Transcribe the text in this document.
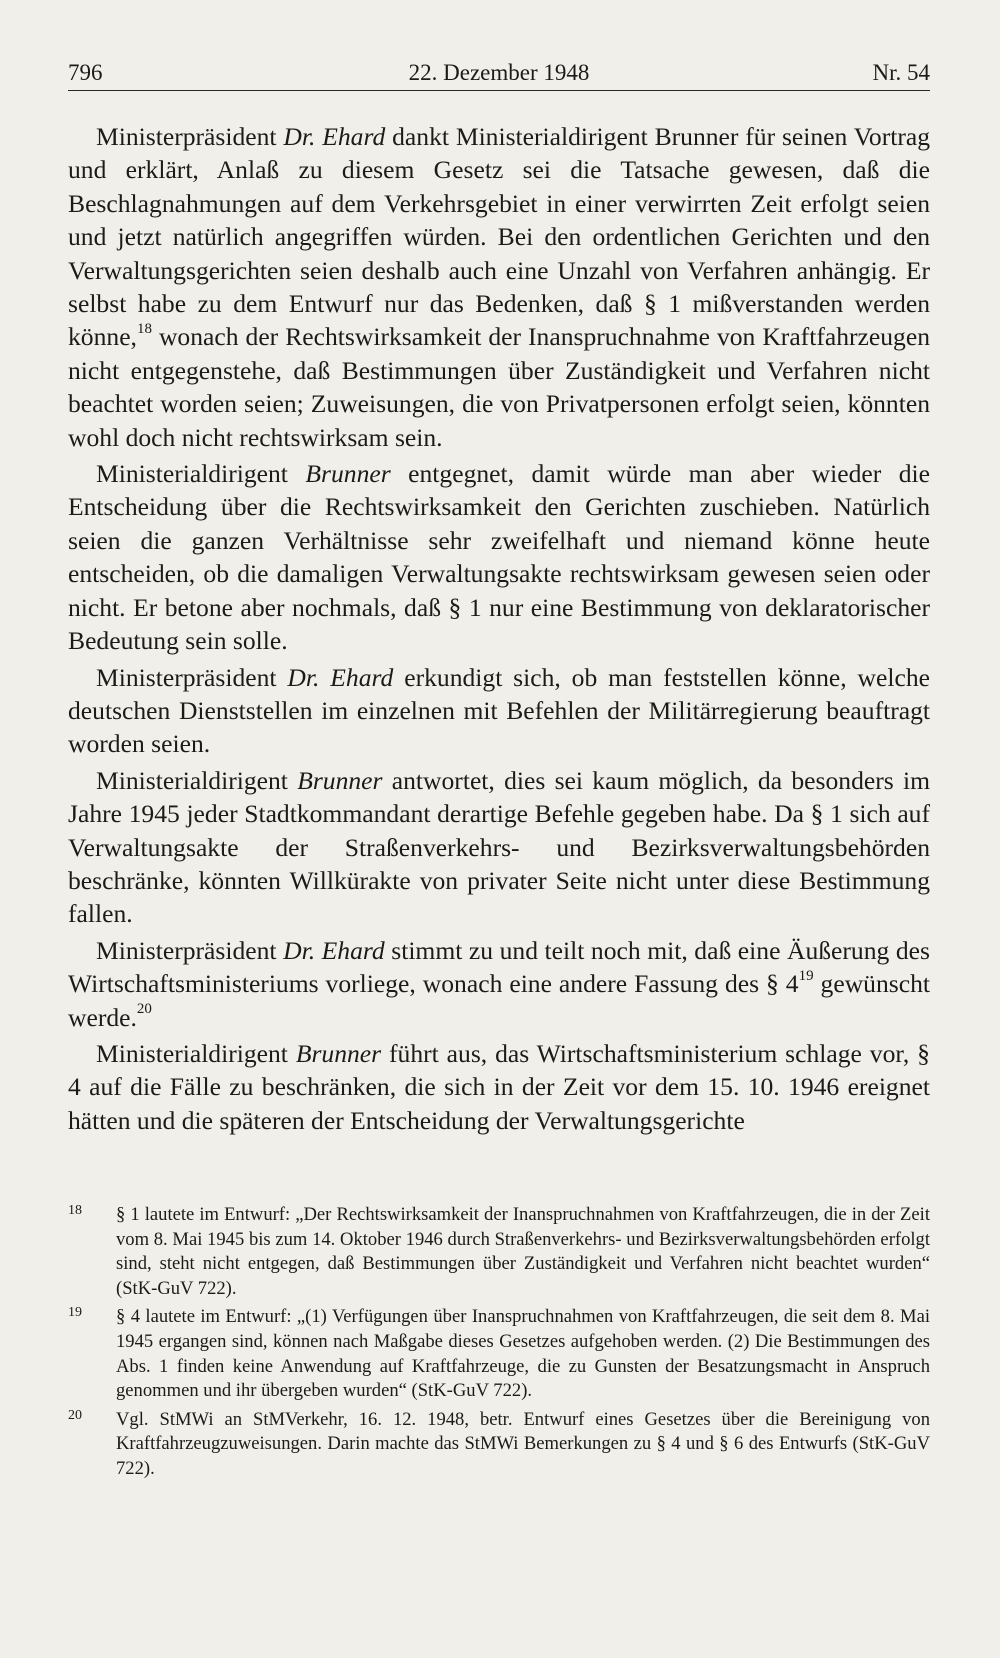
796	22. Dezember 1948	Nr. 54

Ministerpräsident Dr. Ehard dankt Ministerialdirigent Brunner für seinen Vortrag und erklärt, Anlaß zu diesem Gesetz sei die Tatsache gewesen, daß die Beschlagnahmungen auf dem Verkehrsgebiet in einer verwirrten Zeit erfolgt seien und jetzt natürlich angegriffen würden. Bei den ordentlichen Gerichten und den Verwaltungsgerichten seien deshalb auch eine Unzahl von Verfahren anhängig. Er selbst habe zu dem Entwurf nur das Bedenken, daß § 1 mißverstanden werden könne,$^{18}$ wonach der Rechtswirksamkeit der Inanspruchnahme von Kraftfahrzeugen nicht entgegenstehe, daß Bestimmungen über Zuständigkeit und Verfahren nicht beachtet worden seien; Zuweisungen, die von Privatpersonen erfolgt seien, könnten wohl doch nicht rechtswirksam sein.

Ministerialdirigent Brunner entgegnet, damit würde man aber wieder die Entscheidung über die Rechtswirksamkeit den Gerichten zuschieben. Natürlich seien die ganzen Verhältnisse sehr zweifelhaft und niemand könne heute entscheiden, ob die damaligen Verwaltungsakte rechtswirksam gewesen seien oder nicht. Er betone aber nochmals, daß § 1 nur eine Bestimmung von deklaratorischer Bedeutung sein solle.

Ministerpräsident Dr. Ehard erkundigt sich, ob man feststellen könne, welche deutschen Dienststellen im einzelnen mit Befehlen der Militärregierung beauftragt worden seien.

Ministerialdirigent Brunner antwortet, dies sei kaum möglich, da besonders im Jahre 1945 jeder Stadtkommandant derartige Befehle gegeben habe. Da § 1 sich auf Verwaltungsakte der Straßenverkehrs- und Bezirksverwaltungsbehörden beschränke, könnten Willkürakte von privater Seite nicht unter diese Bestimmung fallen.

Ministerpräsident Dr. Ehard stimmt zu und teilt noch mit, daß eine Äußerung des Wirtschaftsministeriums vorliege, wonach eine andere Fassung des § $4^{19}$ gewünscht werde.$^{20}$

Ministerialdirigent Brunner führt aus, das Wirtschaftsministerium schlage vor, § 4 auf die Fälle zu beschränken, die sich in der Zeit vor dem 15. 10. 1946 ereignet hätten und die späteren der Entscheidung der Verwaltungsgerichte

18 § 1 lautete im Entwurf: „Der Rechtswirksamkeit der Inanspruchnahmen von Kraftfahrzeugen, die in der Zeit vom 8. Mai 1945 bis zum 14. Oktober 1946 durch Straßenverkehrs- und Bezirksverwaltungsbehörden erfolgt sind, steht nicht entgegen, daß Bestimmungen über Zuständigkeit und Verfahren nicht beachtet wurden“ (StK-GuV 722).
19 § 4 lautete im Entwurf: „(1) Verfügungen über Inanspruchnahmen von Kraftfahrzeugen, die seit dem 8. Mai 1945 ergangen sind, können nach Maßgabe dieses Gesetzes aufgehoben werden. (2) Die Bestimmungen des Abs. 1 finden keine Anwendung auf Kraftfahrzeuge, die zu Gunsten der Besatzungsmacht in Anspruch genommen und ihr übergeben wurden“ (StK-GuV 722).
20 Vgl. StMWi an StMVerkehr, 16. 12. 1948, betr. Entwurf eines Gesetzes über die Bereinigung von Kraftfahrzeugzuweisungen. Darin machte das StMWi Bemerkungen zu § 4 und § 6 des Entwurfs (StK-GuV 722).
